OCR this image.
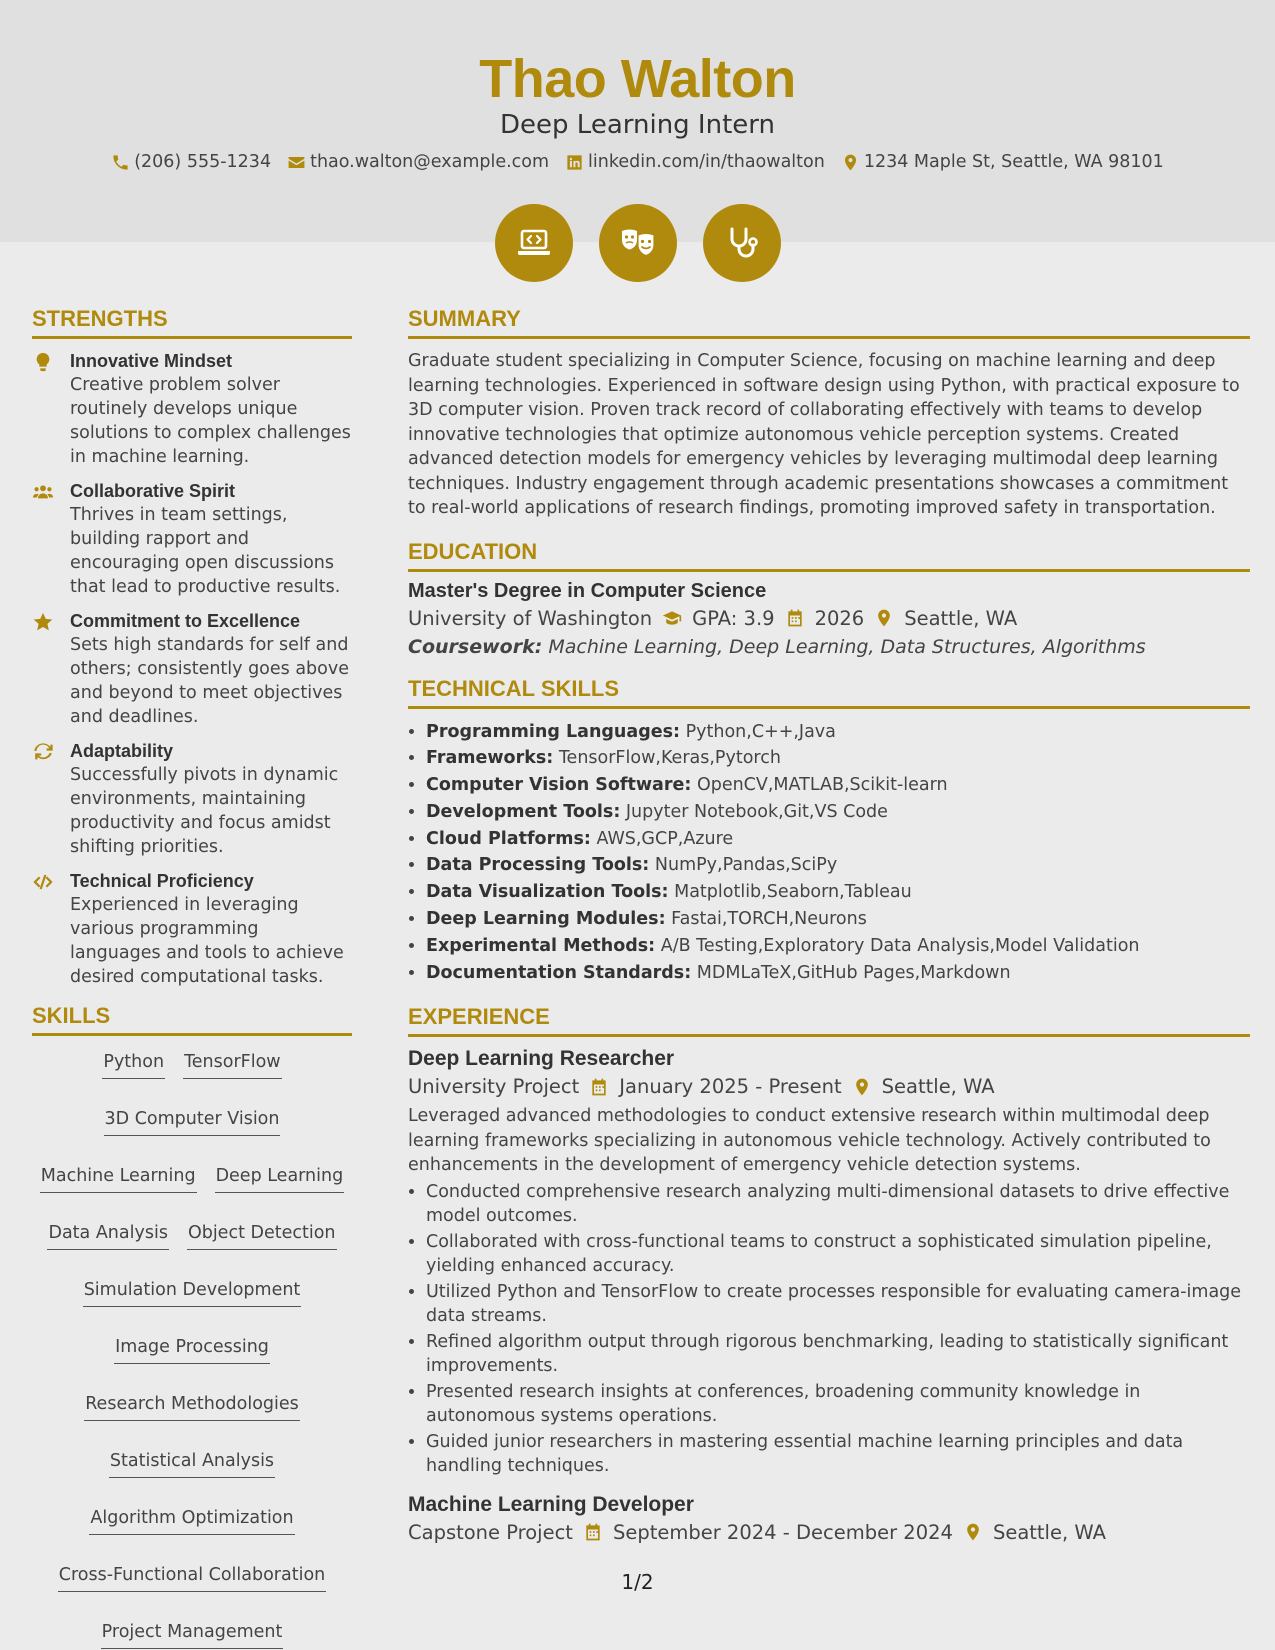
Thao Walton
Deep Learning Intern
(206) 555-1234 thao.walton@example.com linkedin.com/in/thaowalton 1234 Maple St, Seattle, WA 98101
STRENGTHS
Innovative Mindset
Creative problem solver routinely develops unique solutions to complex challenges in machine learning.
Collaborative Spirit
Thrives in team settings, building rapport and encouraging open discussions that lead to productive results.
Commitment to Excellence
Sets high standards for self and others; consistently goes above and beyond to meet objectives and deadlines.
Adaptability
Successfully pivots in dynamic environments, maintaining productivity and focus amidst shifting priorities.
Technical Proficiency
Experienced in leveraging various programming languages and tools to achieve desired computational tasks.
SKILLS
Python TensorFlow
3D Computer Vision
Machine Learning Deep Learning
Data Analysis Object Detection
Simulation Development
Image Processing
Research Methodologies
Statistical Analysis
Algorithm Optimization
Cross-Functional Collaboration
Project Management
SUMMARY
Graduate student specializing in Computer Science, focusing on machine learning and deep learning technologies. Experienced in software design using Python, with practical exposure to 3D computer vision. Proven track record of collaborating effectively with teams to develop innovative technologies that optimize autonomous vehicle perception systems. Created advanced detection models for emergency vehicles by leveraging multimodal deep learning techniques. Industry engagement through academic presentations showcases a commitment to real-world applications of research findings, promoting improved safety in transportation.
EDUCATION
Master's Degree in Computer Science
University of Washington GPA: 3.9 2026 Seattle, WA
Coursework: Machine Learning, Deep Learning, Data Structures, Algorithms
TECHNICAL SKILLS
• Programming Languages: Python,C++,Java
• Frameworks: TensorFlow,Keras,Pytorch
• Computer Vision Software: OpenCV,MATLAB,Scikit-learn
• Development Tools: Jupyter Notebook,Git,VS Code
• Cloud Platforms: AWS,GCP,Azure
• Data Processing Tools: NumPy,Pandas,SciPy
• Data Visualization Tools: Matplotlib,Seaborn,Tableau
• Deep Learning Modules: Fastai,TORCH,Neurons
• Experimental Methods: A/B Testing,Exploratory Data Analysis,Model Validation
• Documentation Standards: MDMLaTeX,GitHub Pages,Markdown
EXPERIENCE
Deep Learning Researcher
University Project January 2025 - Present Seattle, WA
Leveraged advanced methodologies to conduct extensive research within multimodal deep learning frameworks specializing in autonomous vehicle technology. Actively contributed to enhancements in the development of emergency vehicle detection systems.
• Conducted comprehensive research analyzing multi-dimensional datasets to drive effective model outcomes.
• Collaborated with cross-functional teams to construct a sophisticated simulation pipeline, yielding enhanced accuracy.
• Utilized Python and TensorFlow to create processes responsible for evaluating camera-image data streams.
• Refined algorithm output through rigorous benchmarking, leading to statistically significant improvements.
• Presented research insights at conferences, broadening community knowledge in autonomous systems operations.
• Guided junior researchers in mastering essential machine learning principles and data handling techniques.
Machine Learning Developer
Capstone Project September 2024 - December 2024 Seattle, WA
1/2
